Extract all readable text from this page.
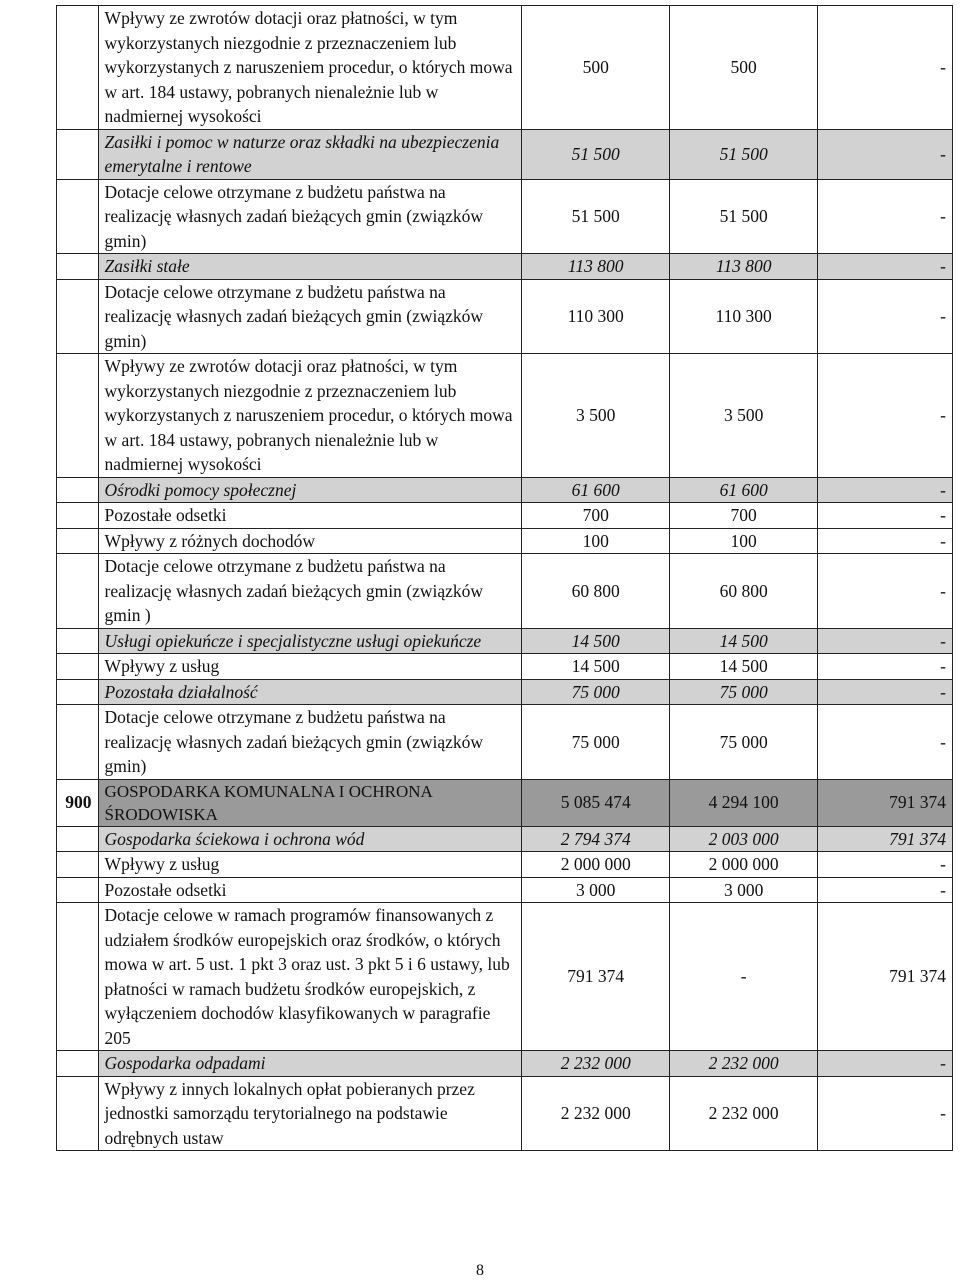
	Wpływy ze zwrotów dotacji oraz płatności, w tym wykorzystanych niezgodnie z przeznaczeniem lub wykorzystanych z naruszeniem procedur, o których mowa w art. 184 ustawy, pobranych nienależnie lub w nadmiernej wysokości	500	500	-
	Zasiłki i pomoc w naturze oraz składki na ubezpieczenia emerytalne i rentowe	51 500	51 500	-
	Dotacje celowe otrzymane z budżetu państwa na realizację własnych zadań bieżących gmin (związków gmin)	51 500	51 500	-
	Zasiłki stałe	113 800	113 800	-
	Dotacje celowe otrzymane z budżetu państwa na realizację własnych zadań bieżących gmin (związków gmin)	110 300	110 300	-
	Wpływy ze zwrotów dotacji oraz płatności, w tym wykorzystanych niezgodnie z przeznaczeniem lub wykorzystanych z naruszeniem procedur, o których mowa w art. 184 ustawy, pobranych nienależnie lub w nadmiernej wysokości	3 500	3 500	-
	Ośrodki pomocy społecznej	61 600	61 600	-
	Pozostałe odsetki	700	700	-
	Wpływy z różnych dochodów	100	100	-
	Dotacje celowe otrzymane z budżetu państwa na realizację własnych zadań bieżących gmin (związków gmin )	60 800	60 800	-
	Usługi opiekuńcze i specjalistyczne usługi opiekuńcze	14 500	14 500	-
	Wpływy z usług	14 500	14 500	-
	Pozostała działalność	75 000	75 000	-
	Dotacje celowe otrzymane z budżetu państwa na realizację własnych zadań bieżących gmin (związków gmin)	75 000	75 000	-
900	GOSPODARKA KOMUNALNA I OCHRONA ŚRODOWISKA	5 085 474	4 294 100	791 374
	Gospodarka ściekowa i ochrona wód	2 794 374	2 003 000	791 374
	Wpływy z usług	2 000 000	2 000 000	-
	Pozostałe odsetki	3 000	3 000	-
	Dotacje celowe w ramach programów finansowanych z udziałem środków europejskich oraz środków, o których mowa w art. 5 ust. 1 pkt 3 oraz ust. 3 pkt 5 i 6 ustawy, lub płatności w ramach budżetu środków europejskich, z wyłączeniem dochodów klasyfikowanych w paragrafie 205	791 374	-	791 374
	Gospodarka odpadami	2 232 000	2 232 000	-
	Wpływy z innych lokalnych opłat pobieranych przez jednostki samorządu terytorialnego na podstawie odrębnych ustaw	2 232 000	2 232 000	-
8
